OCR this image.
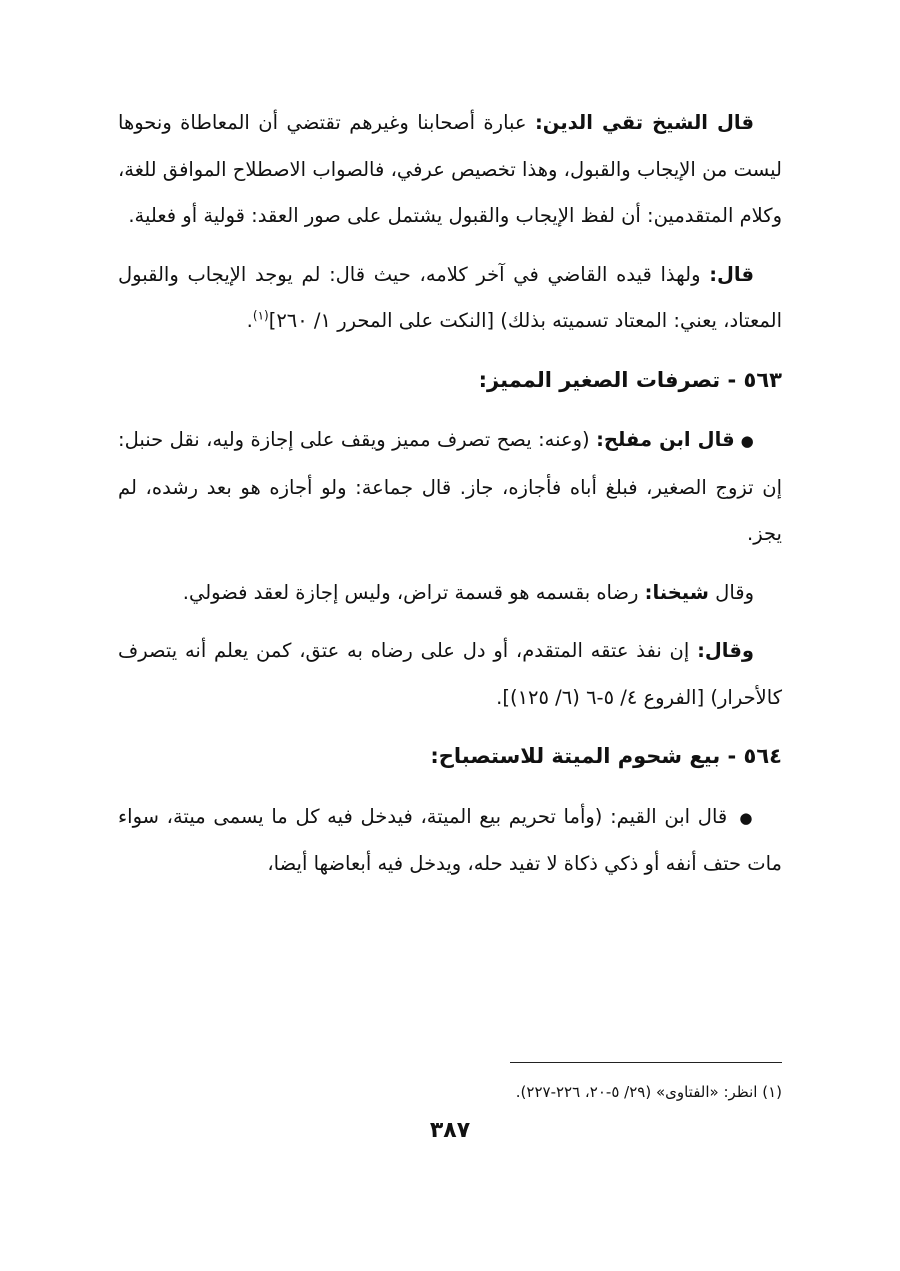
قال الشيخ تقي الدين: عبارة أصحابنا وغيرهم تقتضي أن المعاطاة ونحوها ليست من الإيجاب والقبول، وهذا تخصيص عرفي، فالصواب الاصطلاح الموافق للغة، وكلام المتقدمين: أن لفظ الإيجاب والقبول يشتمل على صور العقد: قولية أو فعلية.

قال: ولهذا قيده القاضي في آخر كلامه، حيث قال: لم يوجد الإيجاب والقبول المعتاد، يعني: المعتاد تسميته بذلك) [النكت على المحرر ١/ ٢٦٠]$^{(١)}$.

٥٦٣ - تصرفات الصغير المميز:

●قال ابن مفلح: (وعنه: يصح تصرف مميز ويقف على إجازة وليه، نقل حنبل: إن تزوج الصغير، فبلغ أباه فأجازه، جاز. قال جماعة: ولو أجازه هو بعد رشده، لم يجز.

وقال شيخنا: رضاه بقسمه هو قسمة تراض، وليس إجازة لعقد فضولي.

وقال: إن نفذ عتقه المتقدم، أو دل على رضاه به عتق، كمن يعلم أنه يتصرف كالأحرار) [الفروع ٤/ ٥-٦ (٦/ ١٢٥)].

٥٦٤ - بيع شحوم الميتة للاستصباح:

● قال ابن القيم: (وأما تحريم بيع الميتة، فيدخل فيه كل ما يسمى ميتة، سواء مات حتف أنفه أو ذكي ذكاة لا تفيد حله، ويدخل فيه أبعاضها أيضا،

(١) انظر: «الفتاوى» (٢٩/ ٥-٢٠، ٢٢٦-٢٢٧).
٣٨٧
